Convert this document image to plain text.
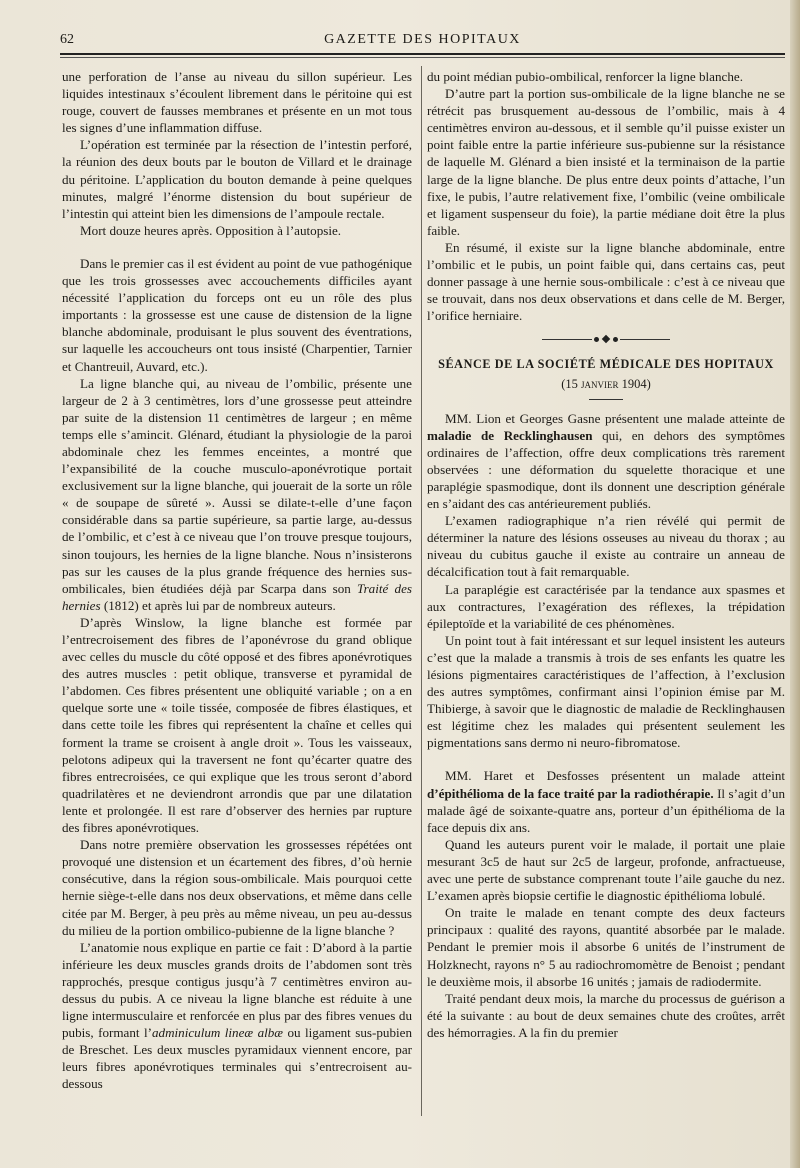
62	GAZETTE DES HOPITAUX

une perforation de l’anse au niveau du sillon supérieur. Les liquides intestinaux s’écoulent librement dans le péritoine qui est rouge, couvert de fausses membranes et présente en un mot tous les signes d’une inflammation diffuse.

L’opération est terminée par la résection de l’intestin perforé, la réunion des deux bouts par le bouton de Villard et le drainage du péritoine. L’application du bouton demande à peine quelques minutes, malgré l’énorme distension du bout supérieur de l’intestin qui atteint bien les dimensions de l’ampoule rectale.

Mort douze heures après. Opposition à l’autopsie.

Dans le premier cas il est évident au point de vue pathogénique que les trois grossesses avec accouchements difficiles ayant nécessité l’application du forceps ont eu un rôle des plus importants : la grossesse est une cause de distension de la ligne blanche abdominale, produisant le plus souvent des éventrations, sur laquelle les accoucheurs ont tous insisté (Charpentier, Tarnier et Chantreuil, Auvard, etc.).

La ligne blanche qui, au niveau de l’ombilic, présente une largeur de 2 à 3 centimètres, lors d’une grossesse peut atteindre par suite de la distension 11 centimètres de largeur ; en même temps elle s’amincit. Glénard, étudiant la physiologie de la paroi abdominale chez les femmes enceintes, a montré que l’expansibilité de la couche musculo-aponévrotique portait exclusivement sur la ligne blanche, qui jouerait de la sorte un rôle « de soupape de sûreté ». Aussi se dilate-t-elle d’une façon considérable dans sa partie supérieure, sa partie large, au-dessus de l’ombilic, et c’est à ce niveau que l’on trouve presque toujours, sinon toujours, les hernies de la ligne blanche. Nous n’insisterons pas sur les causes de la plus grande fréquence des hernies sus-ombilicales, bien étudiées déjà par Scarpa dans son Traité des hernies (1812) et après lui par de nombreux auteurs.

D’après Winslow, la ligne blanche est formée par l’entrecroisement des fibres de l’aponévrose du grand oblique avec celles du muscle du côté opposé et des fibres aponévrotiques des autres muscles : petit oblique, transverse et pyramidal de l’abdomen. Ces fibres présentent une obliquité variable ; on a en quelque sorte une « toile tissée, composée de fibres élastiques, et dans cette toile les fibres qui représentent la chaîne et celles qui forment la trame se croisent à angle droit ». Tous les vaisseaux, pelotons adipeux qui la traversent ne font qu’écarter quatre des fibres entrecroisées, ce qui explique que les trous seront d’abord quadrilatères et ne deviendront arrondis que par une dilatation lente et prolongée. Il est rare d’observer des hernies par rupture des fibres aponévrotiques.

Dans notre première observation les grossesses répétées ont provoqué une distension et un écartement des fibres, d’où hernie consécutive, dans la région sous-ombilicale. Mais pourquoi cette hernie siège-t-elle dans nos deux observations, et même dans celle citée par M. Berger, à peu près au même niveau, un peu au-dessus du milieu de la portion ombilico-pubienne de la ligne blanche ?

L’anatomie nous explique en partie ce fait : D’abord à la partie inférieure les deux muscles grands droits de l’abdomen sont très rapprochés, presque contigus jusqu’à 7 centimètres environ au-dessus du pubis. A ce niveau la ligne blanche est réduite à une ligne intermusculaire et renforcée en plus par des fibres venues du pubis, formant l’adminiculum lineæ albæ ou ligament sus-pubien de Breschet. Les deux muscles pyramidaux viennent encore, par leurs fibres aponévrotiques terminales qui s’entrecroisent au-dessous

du point médian pubio-ombilical, renforcer la ligne blanche.

D’autre part la portion sus-ombilicale de la ligne blanche ne se rétrécit pas brusquement au-dessous de l’ombilic, mais à 4 centimètres environ au-dessous, et il semble qu’il puisse exister un point faible entre la partie inférieure sus-pubienne sur la résistance de laquelle M. Glénard a bien insisté et la terminaison de la partie large de la ligne blanche. De plus entre deux points d’attache, l’un fixe, le pubis, l’autre relativement fixe, l’ombilic (veine ombilicale et ligament suspenseur du foie), la partie médiane doit être la plus faible.

En résumé, il existe sur la ligne blanche abdominale, entre l’ombilic et le pubis, un point faible qui, dans certains cas, peut donner passage à une hernie sous-ombilicale : c’est à ce niveau que se trouvait, dans nos deux observations et dans celle de M. Berger, l’orifice herniaire.

SÉANCE DE LA SOCIÉTÉ MÉDICALE DES HOPITAUX
(15 janvier 1904)

MM. Lion et Georges Gasne présentent une malade atteinte de maladie de Recklinghausen qui, en dehors des symptômes ordinaires de l’affection, offre deux complications très rarement observées : une déformation du squelette thoracique et une paraplégie spasmodique, dont ils donnent une description générale en s’aidant des cas antérieurement publiés.

L’examen radiographique n’a rien révélé qui permit de déterminer la nature des lésions osseuses au niveau du thorax ; au niveau du cubitus gauche il existe au contraire un anneau de décalcification tout à fait remarquable.

La paraplégie est caractérisée par la tendance aux spasmes et aux contractures, l’exagération des réflexes, la trépidation épileptoïde et la variabilité de ces phénomènes.

Un point tout à fait intéressant et sur lequel insistent les auteurs c’est que la malade a transmis à trois de ses enfants les quatre les lésions pigmentaires caractéristiques de l’affection, à l’exclusion des autres symptômes, confirmant ainsi l’opinion émise par M. Thibierge, à savoir que le diagnostic de maladie de Recklinghausen est légitime chez les malades qui présentent seulement les pigmentations sans dermo ni neuro-fibromatose.

MM. Haret et Desfosses présentent un malade atteint d’épithélioma de la face traité par la radiothérapie. Il s’agit d’un malade âgé de soixante-quatre ans, porteur d’un épithélioma de la face depuis dix ans.

Quand les auteurs purent voir le malade, il portait une plaie mesurant 3c5 de haut sur 2c5 de largeur, profonde, anfractueuse, avec une perte de substance comprenant toute l’aile gauche du nez. L’examen après biopsie certifie le diagnostic épithélioma lobulé.

On traite le malade en tenant compte des deux facteurs principaux : qualité des rayons, quantité absorbée par le malade. Pendant le premier mois il absorbe 6 unités de l’instrument de Holzknecht, rayons n° 5 au radiochromomètre de Benoist ; pendant le deuxième mois, il absorbe 16 unités ; jamais de radiodermite.

Traité pendant deux mois, la marche du processus de guérison a été la suivante : au bout de deux semaines chute des croûtes, arrêt des hémorragies. A la fin du premier
